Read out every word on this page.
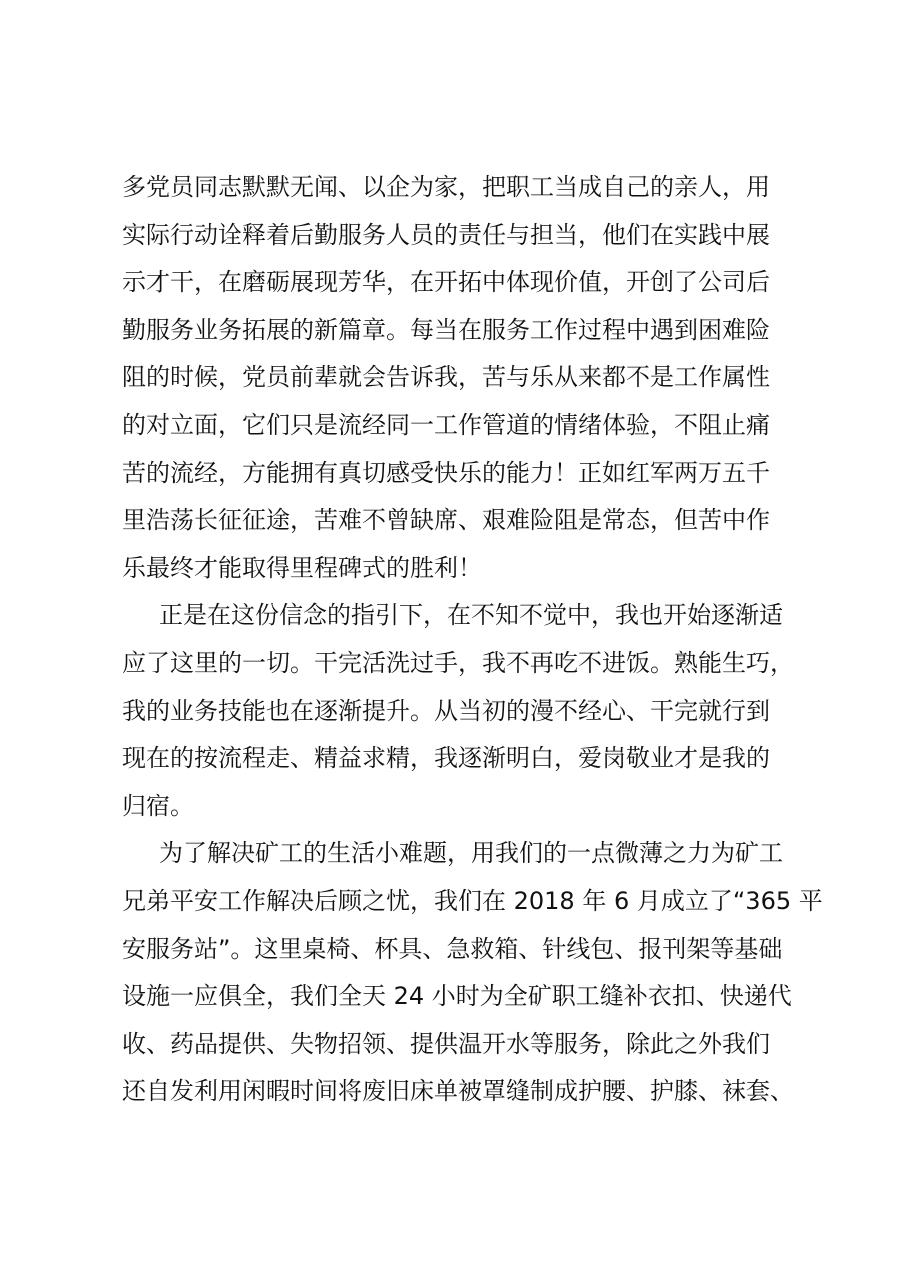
多党员同志默默无闻、以企为家，把职工当成自己的亲人，用
实际行动诠释着后勤服务人员的责任与担当，他们在实践中展
示才干，在磨砺展现芳华，在开拓中体现价值，开创了公司后
勤服务业务拓展的新篇章。每当在服务工作过程中遇到困难险
阻的时候，党员前辈就会告诉我，苦与乐从来都不是工作属性
的对立面，它们只是流经同一工作管道的情绪体验，不阻止痛
苦的流经，方能拥有真切感受快乐的能力！正如红军两万五千
里浩荡长征征途，苦难不曾缺席、艰难险阻是常态，但苦中作
乐最终才能取得里程碑式的胜利！
正是在这份信念的指引下，在不知不觉中，我也开始逐渐适
应了这里的一切。干完活洗过手，我不再吃不进饭。熟能生巧，
我的业务技能也在逐渐提升。从当初的漫不经心、干完就行到
现在的按流程走、精益求精，我逐渐明白，爱岗敬业才是我的
归宿。
为了解决矿工的生活小难题，用我们的一点微薄之力为矿工
兄弟平安工作解决后顾之忧，我们在 2018 年 6 月成立了“365 平
安服务站”。这里桌椅、杯具、急救箱、针线包、报刊架等基础
设施一应俱全，我们全天 24 小时为全矿职工缝补衣扣、快递代
收、药品提供、失物招领、提供温开水等服务，除此之外我们
还自发利用闲暇时间将废旧床单被罩缝制成护腰、护膝、袜套、
